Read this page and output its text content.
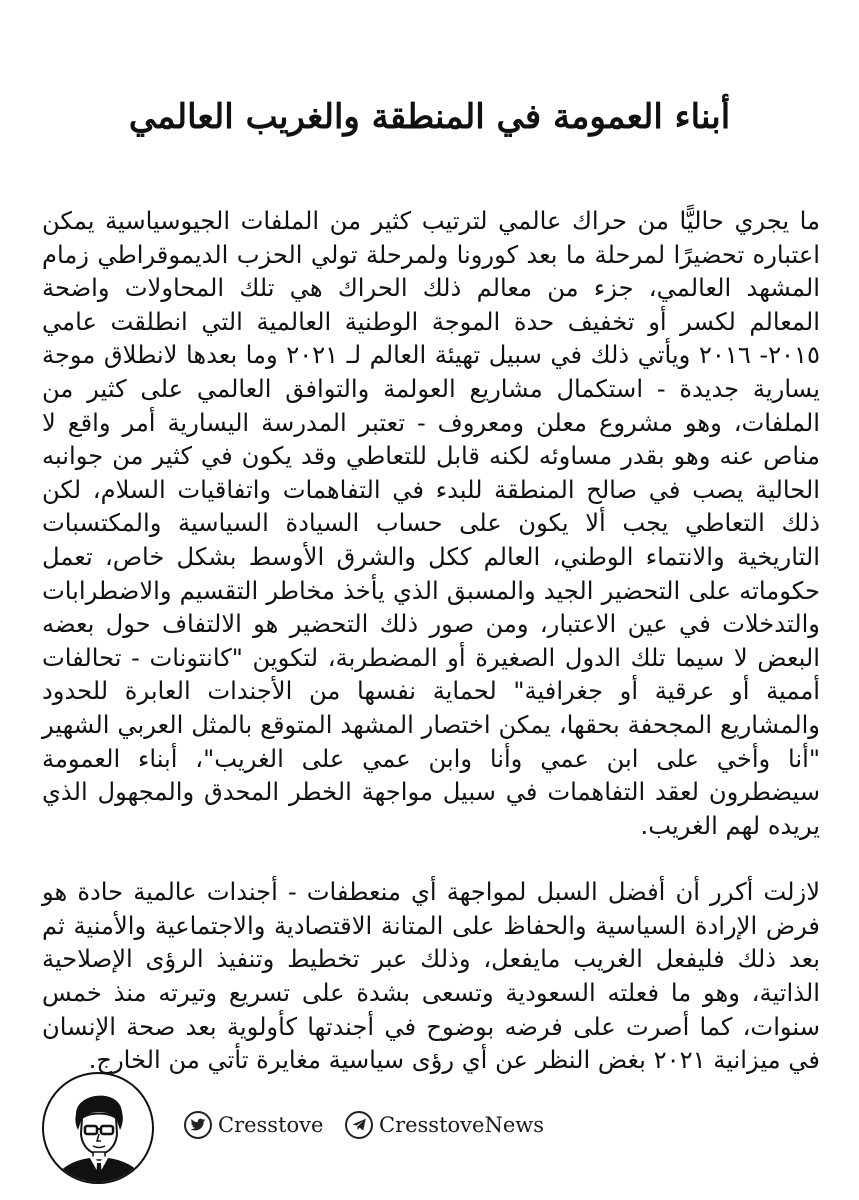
أبناء العمومة في المنطقة والغريب العالمي

ما يجري حاليًّا من حراك عالمي لترتيب كثير من الملفات الجيوسياسية يمكن اعتباره تحضيرًا لمرحلة ما بعد كورونا ولمرحلة تولي الحزب الديموقراطي زمام المشهد العالمي، جزء من معالم ذلك الحراك هي تلك المحاولات واضحة المعالم لكسر أو تخفيف حدة الموجة الوطنية العالمية التي انطلقت عامي ٢٠١٥- ٢٠١٦ ويأتي ذلك في سبيل تهيئة العالم لـ ٢٠٢١ وما بعدها لانطلاق موجة يسارية جديدة - استكمال مشاريع العولمة والتوافق العالمي على كثير من الملفات، وهو مشروع معلن ومعروف - تعتبر المدرسة اليسارية أمر واقع لا مناص عنه وهو بقدر مساوئه لكنه قابل للتعاطي وقد يكون في كثير من جوانبه الحالية يصب في صالح المنطقة للبدء في التفاهمات واتفاقيات السلام، لكن ذلك التعاطي يجب ألا يكون على حساب السيادة السياسية والمكتسبات التاريخية والانتماء الوطني، العالم ككل والشرق الأوسط بشكل خاص، تعمل حكوماته على التحضير الجيد والمسبق الذي يأخذ مخاطر التقسيم والاضطرابات والتدخلات في عين الاعتبار، ومن صور ذلك التحضير هو الالتفاف حول بعضه البعض لا سيما تلك الدول الصغيرة أو المضطربة، لتكوين "كانتونات - تحالفات أممية أو عرقية أو جغرافية" لحماية نفسها من الأجندات العابرة للحدود والمشاريع المجحفة بحقها، يمكن اختصار المشهد المتوقع بالمثل العربي الشهير "أنا وأخي على ابن عمي وأنا وابن عمي على الغريب"، أبناء العمومة سيضطرون لعقد التفاهمات في سبيل مواجهة الخطر المحدق والمجهول الذي يريده لهم الغريب.

لازلت أكرر أن أفضل السبل لمواجهة أي منعطفات - أجندات عالمية حادة هو فرض الإرادة السياسية والحفاظ على المتانة الاقتصادية والاجتماعية والأمنية ثم بعد ذلك فليفعل الغريب مايفعل، وذلك عبر تخطيط وتنفيذ الرؤى الإصلاحية الذاتية، وهو ما فعلته السعودية وتسعى بشدة على تسريع وتيرته منذ خمس سنوات، كما أصرت على فرضه بوضوح في أجندتها كأولوية بعد صحة الإنسان في ميزانية ٢٠٢١ بغض النظر عن أي رؤى سياسية مغايرة تأتي من الخارج.

Cresstove	CresstoveNews
